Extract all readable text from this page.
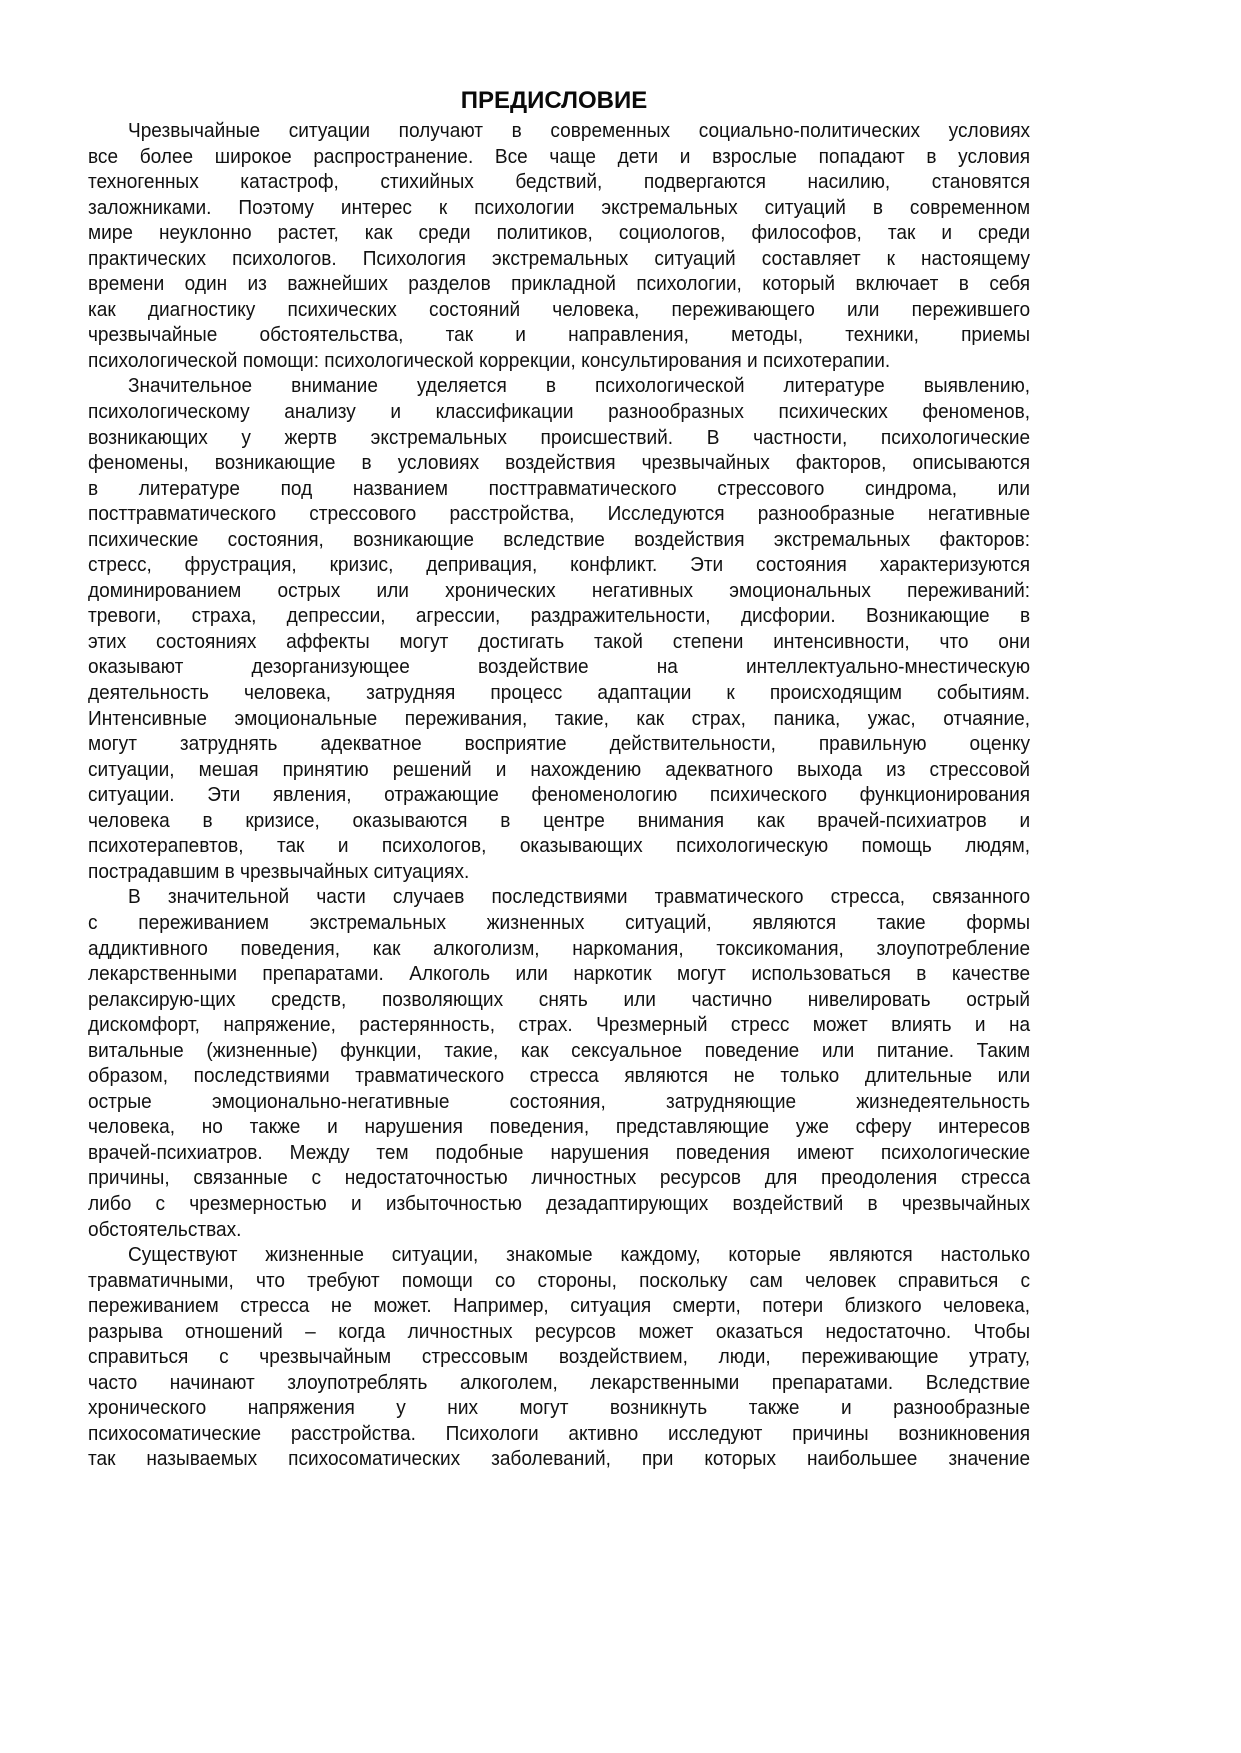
ПРЕДИСЛОВИЕ
Чрезвычайные ситуации получают в современных социально-политических условиях
все более широкое распространение. Все чаще дети и взрослые попадают в условия
техногенных катастроф, стихийных бедствий, подвергаются насилию, становятся
заложниками. Поэтому интерес к психологии экстремальных ситуаций в современном
мире неуклонно растет, как среди политиков, социологов, философов, так и среди
практических психологов. Психология экстремальных ситуаций составляет к настоящему
времени один из важнейших разделов прикладной психологии, который включает в себя
как диагностику психических состояний человека, переживающего или пережившего
чрезвычайные обстоятельства, так и направления, методы, техники, приемы
психологической помощи: психологической коррекции, консультирования и психотерапии.
Значительное внимание уделяется в психологической литературе выявлению,
психологическому анализу и классификации разнообразных психических феноменов,
возникающих у жертв экстремальных происшествий. В частности, психологические
феномены, возникающие в условиях воздействия чрезвычайных факторов, описываются
в литературе под названием посттравматического стрессового синдрома, или
посттравматического стрессового расстройства, Исследуются разнообразные негативные
психические состояния, возникающие вследствие воздействия экстремальных факторов:
стресс, фрустрация, кризис, депривация, конфликт. Эти состояния характеризуются
доминированием острых или хронических негативных эмоциональных переживаний:
тревоги, страха, депрессии, агрессии, раздражительности, дисфории. Возникающие в
этих состояниях аффекты могут достигать такой степени интенсивности, что они
оказывают дезорганизующее воздействие на интеллектуально-мнестическую
деятельность человека, затрудняя процесс адаптации к происходящим событиям.
Интенсивные эмоциональные переживания, такие, как страх, паника, ужас, отчаяние,
могут затруднять адекватное восприятие действительности, правильную оценку
ситуации, мешая принятию решений и нахождению адекватного выхода из стрессовой
ситуации. Эти явления, отражающие феноменологию психического функционирования
человека в кризисе, оказываются в центре внимания как врачей-психиатров и
психотерапевтов, так и психологов, оказывающих психологическую помощь людям,
пострадавшим в чрезвычайных ситуациях.
В значительной части случаев последствиями травматического стресса, связанного
с переживанием экстремальных жизненных ситуаций, являются такие формы
аддиктивного поведения, как алкоголизм, наркомания, токсикомания, злоупотребление
лекарственными препаратами. Алкоголь или наркотик могут использоваться в качестве
релаксирую-щих средств, позволяющих снять или частично нивелировать острый
дискомфорт, напряжение, растерянность, страх. Чрезмерный стресс может влиять и на
витальные (жизненные) функции, такие, как сексуальное поведение или питание. Таким
образом, последствиями травматического стресса являются не только длительные или
острые эмоционально-негативные состояния, затрудняющие жизнедеятельность
человека, но также и нарушения поведения, представляющие уже сферу интересов
врачей-психиатров. Между тем подобные нарушения поведения имеют психологические
причины, связанные с недостаточностью личностных ресурсов для преодоления стресса
либо с чрезмерностью и избыточностью дезадаптирующих воздействий в чрезвычайных
обстоятельствах.
Существуют жизненные ситуации, знакомые каждому, которые являются настолько
травматичными, что требуют помощи со стороны, поскольку сам человек справиться с
переживанием стресса не может. Например, ситуация смерти, потери близкого человека,
разрыва отношений – когда личностных ресурсов может оказаться недостаточно. Чтобы
справиться с чрезвычайным стрессовым воздействием, люди, переживающие утрату,
часто начинают злоупотреблять алкоголем, лекарственными препаратами. Вследствие
хронического напряжения у них могут возникнуть также и разнообразные
психосоматические расстройства. Психологи активно исследуют причины возникновения
так называемых психосоматических заболеваний, при которых наибольшее значение
